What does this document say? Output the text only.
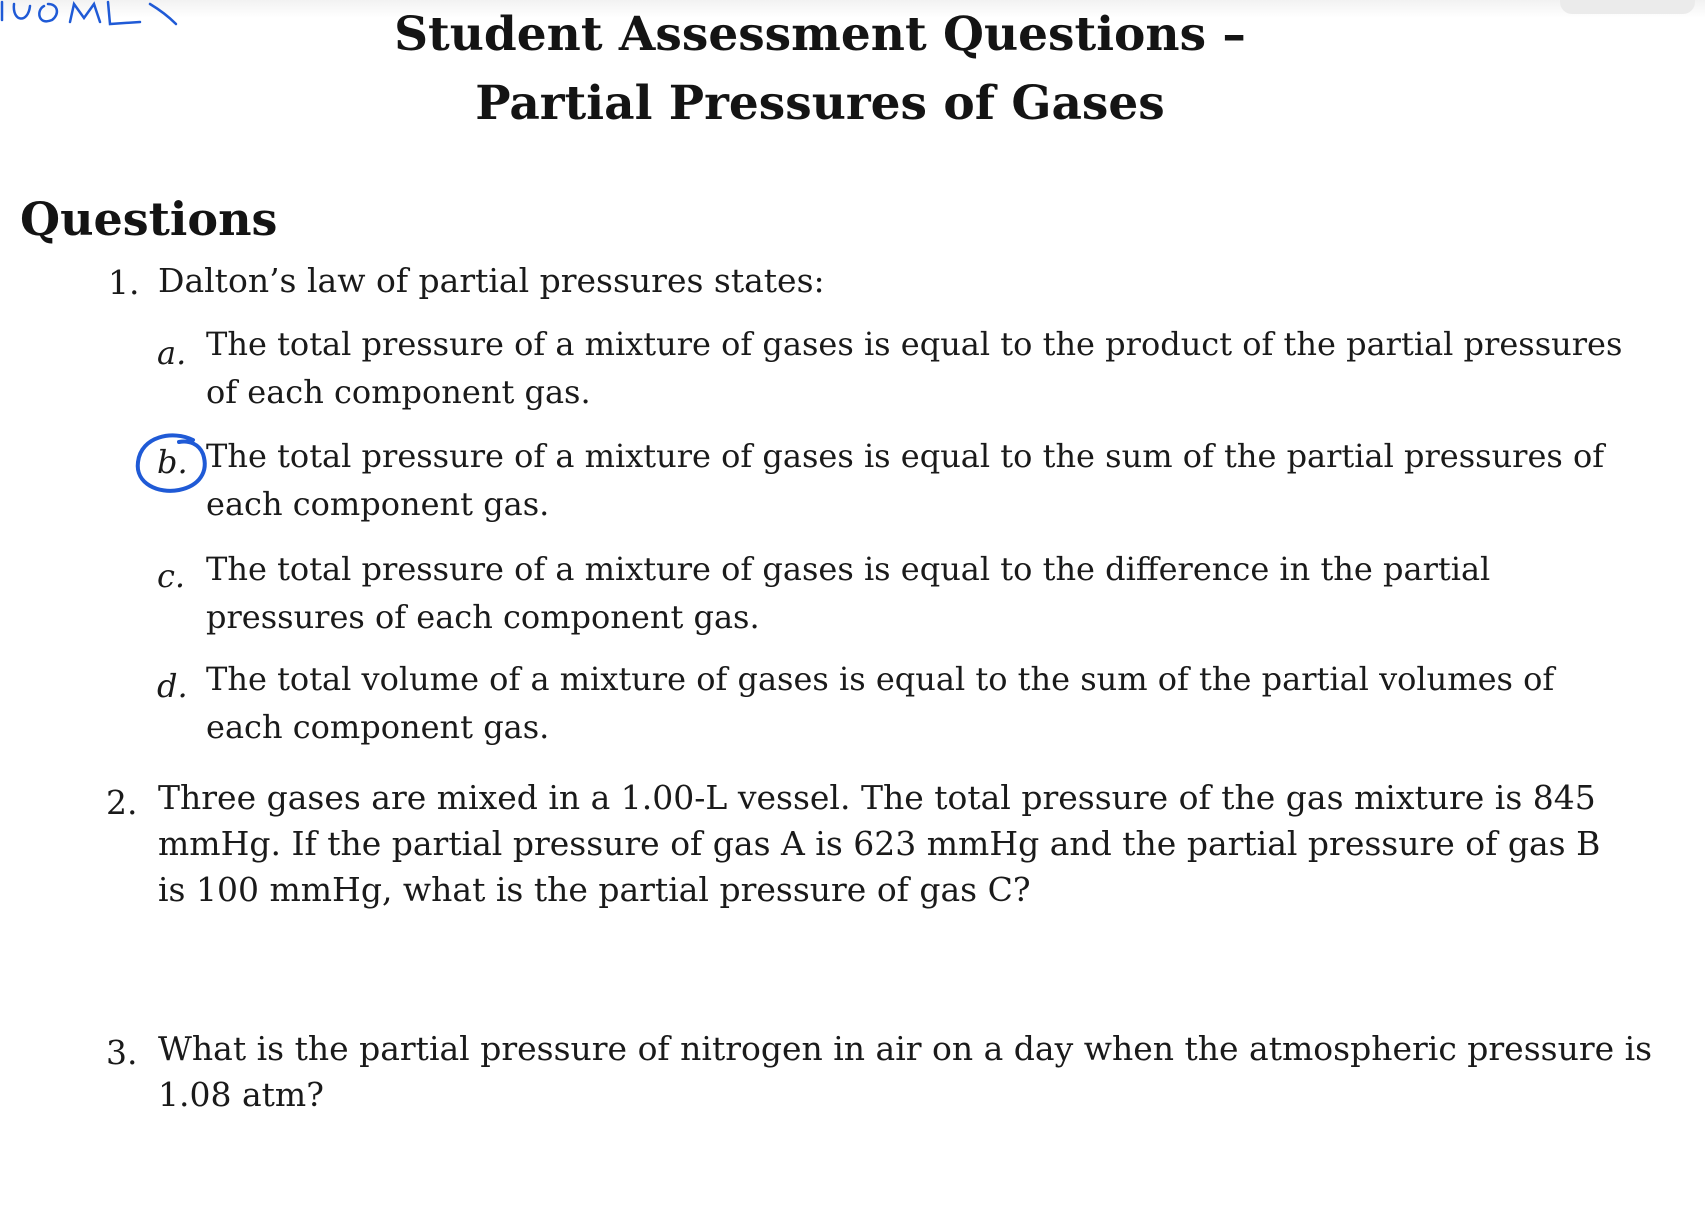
Student Assessment Questions –
Partial Pressures of Gases
Questions
1. Dalton’s law of partial pressures states:
a. The total pressure of a mixture of gases is equal to the product of the partial pressures of each component gas.
b. The total pressure of a mixture of gases is equal to the sum of the partial pressures of each component gas.
c. The total pressure of a mixture of gases is equal to the difference in the partial pressures of each component gas.
d. The total volume of a mixture of gases is equal to the sum of the partial volumes of each component gas.
2. Three gases are mixed in a 1.00-L vessel. The total pressure of the gas mixture is 845 mmHg. If the partial pressure of gas A is 623 mmHg and the partial pressure of gas B is 100 mmHg, what is the partial pressure of gas C?
3. What is the partial pressure of nitrogen in air on a day when the atmospheric pressure is 1.08 atm?
